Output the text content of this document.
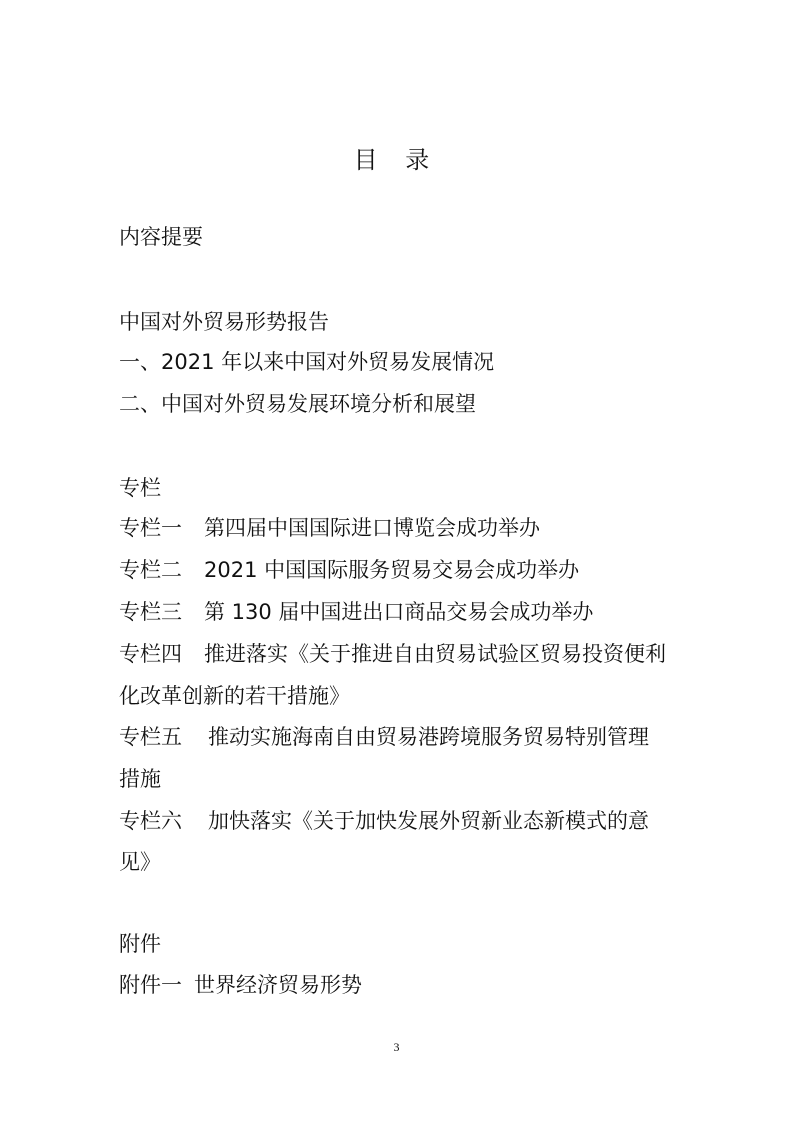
目 录
内容提要
中国对外贸易形势报告
一、2021 年以来中国对外贸易发展情况
二、中国对外贸易发展环境分析和展望
专栏
专栏一 第四届中国国际进口博览会成功举办
专栏二 2021 中国国际服务贸易交易会成功举办
专栏三 第 130 届中国进出口商品交易会成功举办
专栏四 推进落实《关于推进自由贸易试验区贸易投资便利
化改革创新的若干措施》
专栏五 推动实施海南自由贸易港跨境服务贸易特别管理
措施
专栏六 加快落实《关于加快发展外贸新业态新模式的意
见》
附件
附件一 世界经济贸易形势
3
